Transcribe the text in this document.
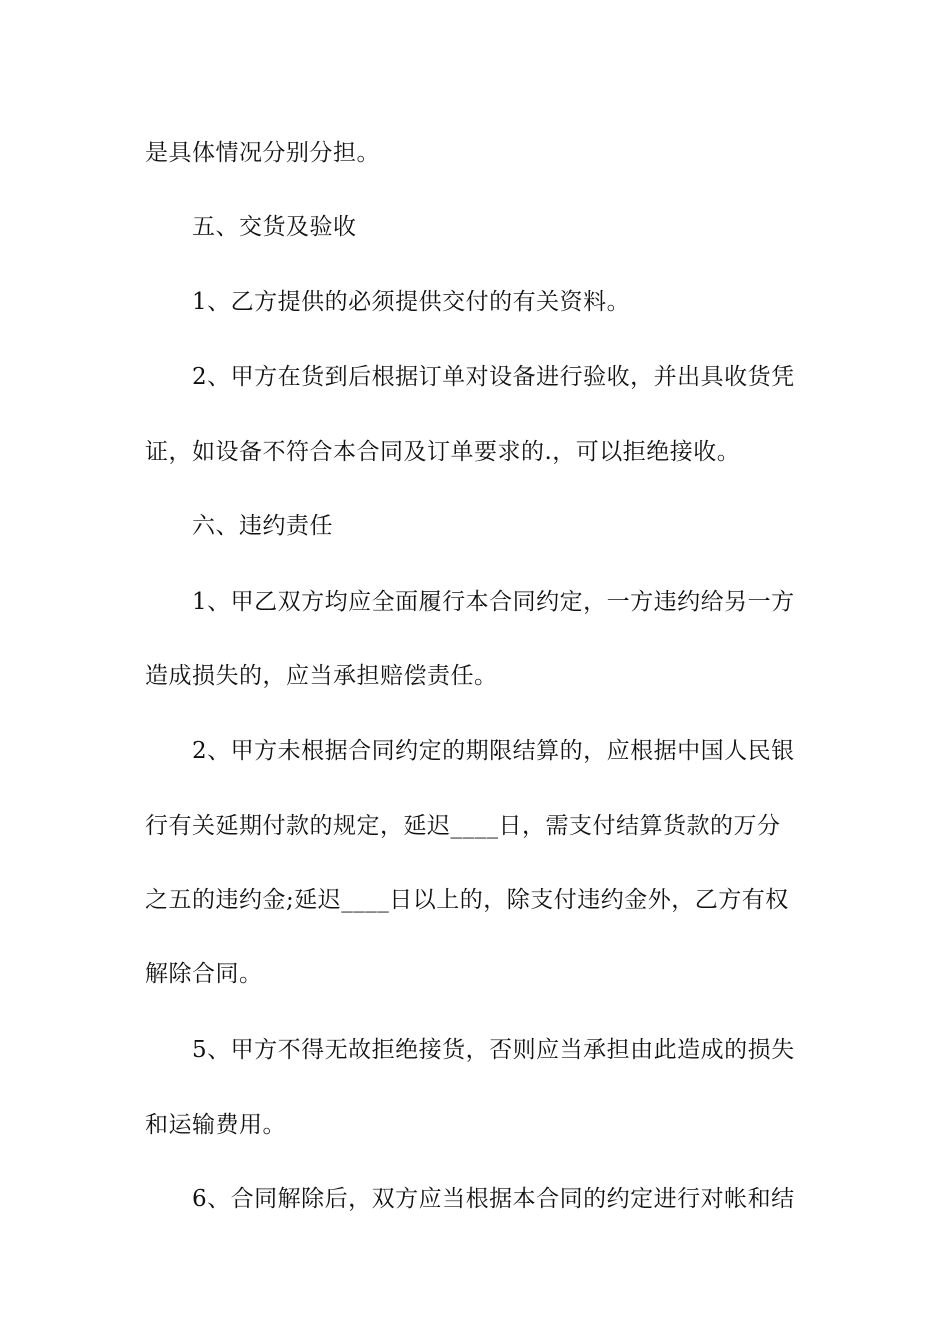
是具体情况分别分担。
五、交货及验收
1、乙方提供的必须提供交付的有关资料。
2、甲方在货到后根据订单对设备进行验收，并出具收货凭
证，如设备不符合本合同及订单要求的.，可以拒绝接收。
六、违约责任
1、甲乙双方均应全面履行本合同约定，一方违约给另一方
造成损失的，应当承担赔偿责任。
2、甲方未根据合同约定的期限结算的，应根据中国人民银
行有关延期付款的规定，延迟____日，需支付结算货款的万分
之五的违约金;延迟____日以上的，除支付违约金外，乙方有权
解除合同。
5、甲方不得无故拒绝接货，否则应当承担由此造成的损失
和运输费用。
6、合同解除后，双方应当根据本合同的约定进行对帐和结
